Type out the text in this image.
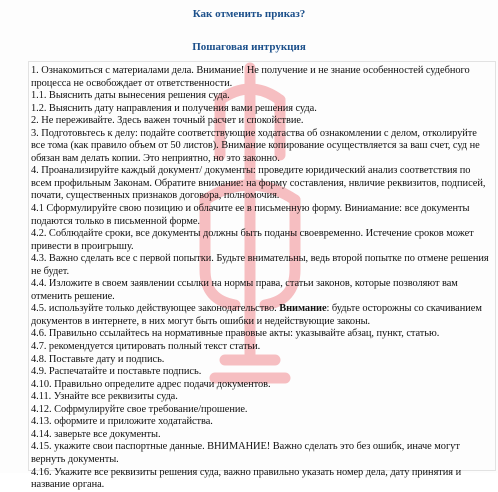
Как отменить приказ?
Пошаговая интрукция

1. Ознакомиться с материалами дела. Внимание! Не получение и не знание особенностей судебного процесса не освобождает от ответственности.

1.1. Выяснить даты вынесения решения суда.

1.2. Выяснить дату направления и получения вами решения суда.

2. Не переживайте. Здесь важен точный расчет и спокойствие.

3. Подготовьтесь к делу: подайте соответствующие ходатаства об ознакомлении с делом, отколируйте все тома (как правило объем от 50 листов). Внимание копирование осуществляется за ваш счет, суд не обязан вам делать копии. Это неприятно, но это законно.

4. Проанализируйте каждый документ/ документы: проведите юридический анализ соответствия по всем профильным Законам. Обратите внимание: на форму составления, нвличие реквизитов, подписей, почати, существенных признаков договора, полномочия.

4.1 Сформулируйте свою позицию и облачите ее в письменную форму. Виниамание: все документы подаются только в письменной форме.

4.2. Соблюдайте сроки, все документы должны быть поданы своевременно. Истечение сроков может привести в проигрышу.

4.3. Важно сделать все с первой попытки. Будьте внимательны, ведь второй попытке по отмене решения не будет.

4.4. Изложите в своем заявлении ссылки на нормы права, статьи законов, которые позволяют вам отменить решение.

4.5. используйте только действующее законодательство. Внимание: будьте осторожны со скачиванием документов в интернете, в них могут быть ошибки и недействующие законы.

4.6. Правильно ссылайтесь на нормативные правовые акты: указывайте абзац, пункт, статью.

4.7. рекомендуется цитировать полный текст статьи.

4.8. Поставьте дату и подпись.

4.9. Распечатайте и поставьте подпись.

4.10. Правильно определите адрес подачи документов.

4.11. Узнайте все реквизиты суда.

4.12. Софрмулируйте свое требование/прошение.

4.13. оформите и приложите ходатайства.

4.14. заверьте все документы.

4.15. укажите свои паспортные данные. ВНИМАНИЕ! Важно сделать это без ошибк, иначе могут вернуть документы.

4.16. Укажите все реквизиты решения суда, важно правильно указать номер дела, дату принятия и название органа.
